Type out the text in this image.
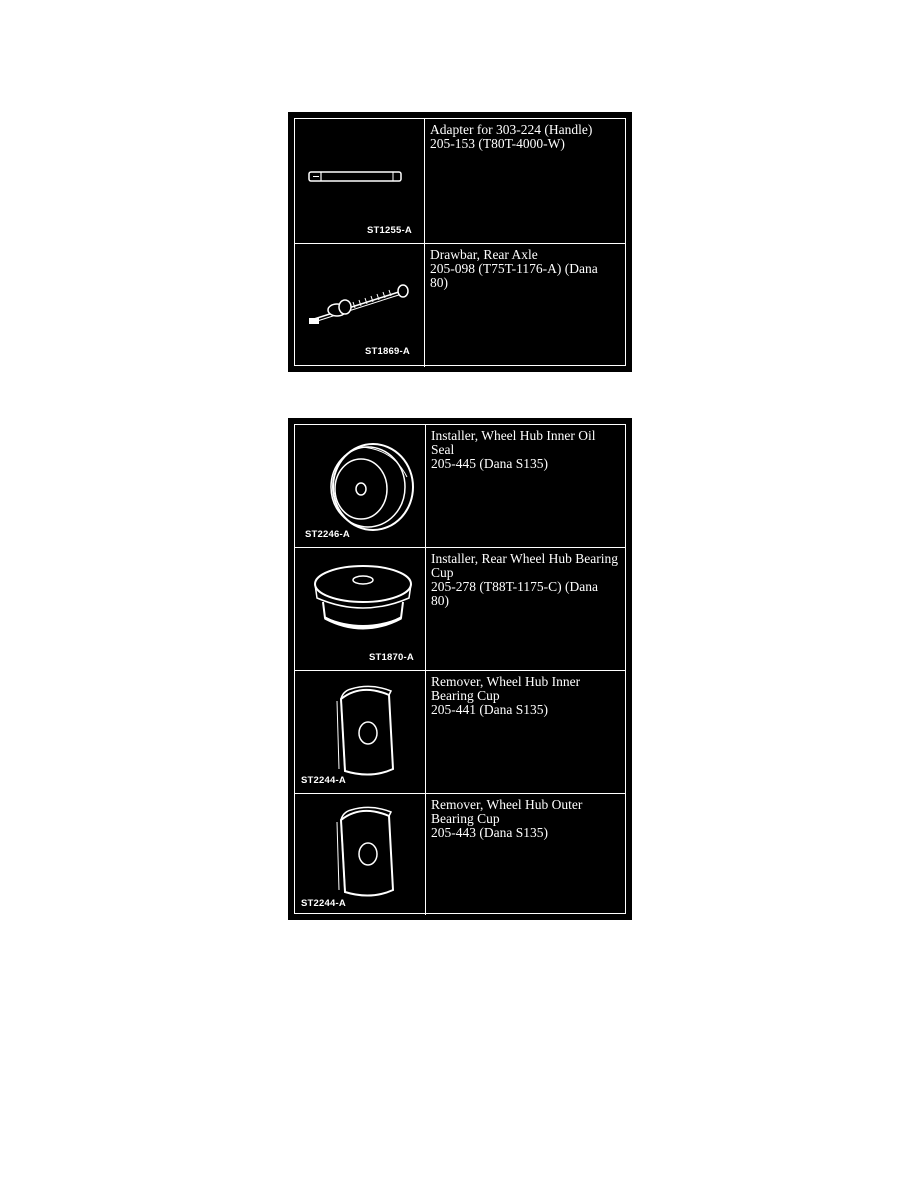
ST1255-A
Adapter for 303-224 (Handle)
205-153 (T80T-4000-W)
ST1869-A
Drawbar, Rear Axle
205-098 (T75T-1176-A) (Dana 80)
ST2246-A
Installer, Wheel Hub Inner Oil Seal
205-445 (Dana S135)
ST1870-A
Installer, Rear Wheel Hub Bearing Cup
205-278 (T88T-1175-C) (Dana 80)
ST2244-A
Remover, Wheel Hub Inner Bearing Cup
205-441 (Dana S135)
ST2244-A
Remover, Wheel Hub Outer Bearing Cup
205-443 (Dana S135)
